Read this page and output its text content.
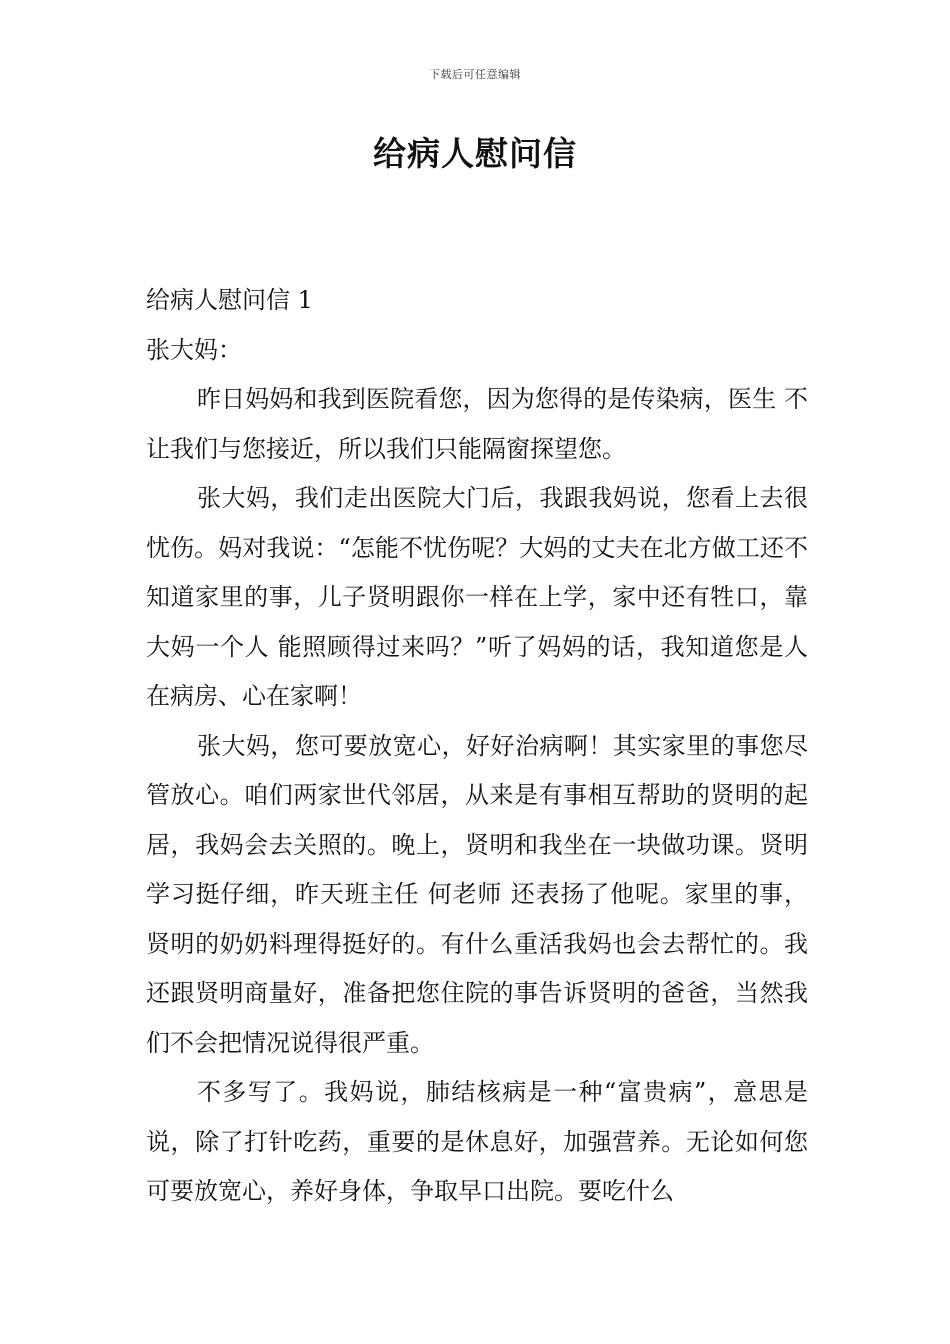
下载后可任意编辑
给病人慰问信

给病人慰问信 1

张大妈：

昨日妈妈和我到医院看您，因为您得的是传染病，医生 不让我们与您接近，所以我们只能隔窗探望您。

张大妈，我们走出医院大门后，我跟我妈说，您看上去很忧伤。妈对我说：“怎能不忧伤呢？大妈的丈夫在北方做工还不知道家里的事，儿子贤明跟你一样在上学，家中还有牲口，靠大妈一个人 能照顾得过来吗？”听了妈妈的话，我知道您是人在病房、心在家啊！

张大妈，您可要放宽心，好好治病啊！其实家里的事您尽管放心。咱们两家世代邻居，从来是有事相互帮助的贤明的起居，我妈会去关照的。晚上，贤明和我坐在一块做功课。贤明学习挺仔细，昨天班主任 何老师 还表扬了他呢。家里的事，贤明的奶奶料理得挺好的。有什么重活我妈也会去帮忙的。我还跟贤明商量好，准备把您住院的事告诉贤明的爸爸，当然我们不会把情况说得很严重。

不多写了。我妈说，肺结核病是一种“富贵病”，意思是说，除了打针吃药，重要的是休息好，加强营养。无论如何您可要放宽心，养好身体，争取早口出院。要吃什么
